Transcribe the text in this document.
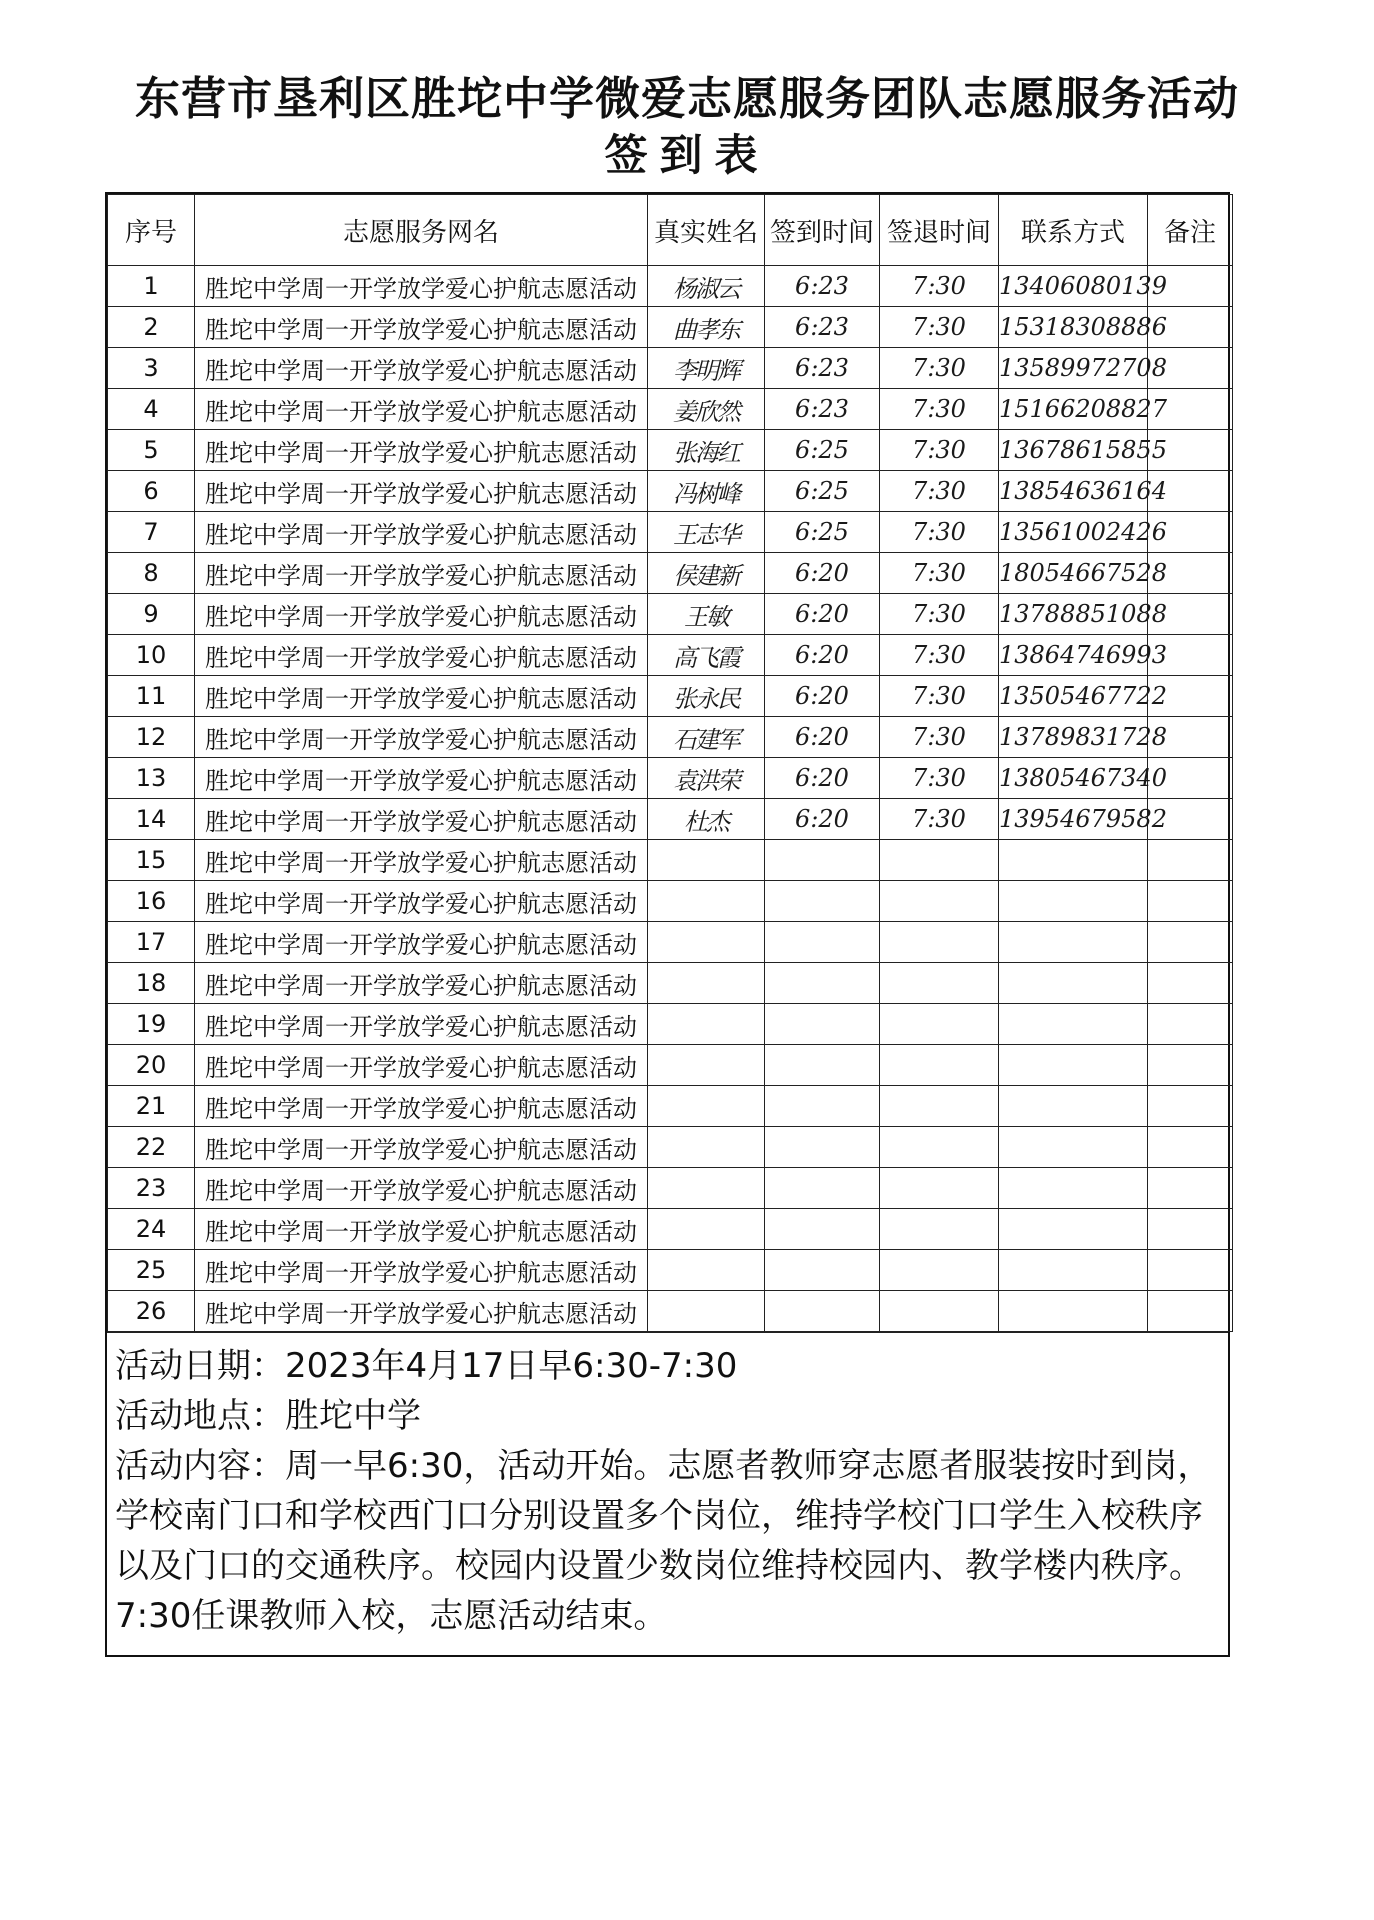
东营市垦利区胜坨中学微爱志愿服务团队志愿服务活动
签到表
序号	志愿服务网名	真实姓名	签到时间	签退时间	联系方式	备注
1	胜坨中学周一开学放学爱心护航志愿活动	杨淑云	6:23	7:30	13406080139	
2	胜坨中学周一开学放学爱心护航志愿活动	曲孝东	6:23	7:30	15318308886	
3	胜坨中学周一开学放学爱心护航志愿活动	李明辉	6:23	7:30	13589972708	
4	胜坨中学周一开学放学爱心护航志愿活动	姜欣然	6:23	7:30	15166208827	
5	胜坨中学周一开学放学爱心护航志愿活动	张海红	6:25	7:30	13678615855	
6	胜坨中学周一开学放学爱心护航志愿活动	冯树峰	6:25	7:30	13854636164	
7	胜坨中学周一开学放学爱心护航志愿活动	王志华	6:25	7:30	13561002426	
8	胜坨中学周一开学放学爱心护航志愿活动	侯建新	6:20	7:30	18054667528	
9	胜坨中学周一开学放学爱心护航志愿活动	王敏	6:20	7:30	13788851088	
10	胜坨中学周一开学放学爱心护航志愿活动	高飞霞	6:20	7:30	13864746993	
11	胜坨中学周一开学放学爱心护航志愿活动	张永民	6:20	7:30	13505467722	
12	胜坨中学周一开学放学爱心护航志愿活动	石建军	6:20	7:30	13789831728	
13	胜坨中学周一开学放学爱心护航志愿活动	袁洪荣	6:20	7:30	13805467340	
14	胜坨中学周一开学放学爱心护航志愿活动	杜杰	6:20	7:30	13954679582	
15	胜坨中学周一开学放学爱心护航志愿活动					
16	胜坨中学周一开学放学爱心护航志愿活动					
17	胜坨中学周一开学放学爱心护航志愿活动					
18	胜坨中学周一开学放学爱心护航志愿活动					
19	胜坨中学周一开学放学爱心护航志愿活动					
20	胜坨中学周一开学放学爱心护航志愿活动					
21	胜坨中学周一开学放学爱心护航志愿活动					
22	胜坨中学周一开学放学爱心护航志愿活动					
23	胜坨中学周一开学放学爱心护航志愿活动					
24	胜坨中学周一开学放学爱心护航志愿活动					
25	胜坨中学周一开学放学爱心护航志愿活动					
26	胜坨中学周一开学放学爱心护航志愿活动					

活动日期：2023年4月17日早6:30-7:30

活动地点：胜坨中学

活动内容：周一早6:30，活动开始。志愿者教师穿志愿者服装按时到岗，学校南门口和学校西门口分别设置多个岗位，维持学校门口学生入校秩序以及门口的交通秩序。校园内设置少数岗位维持校园内、教学楼内秩序。7:30任课教师入校，志愿活动结束。
